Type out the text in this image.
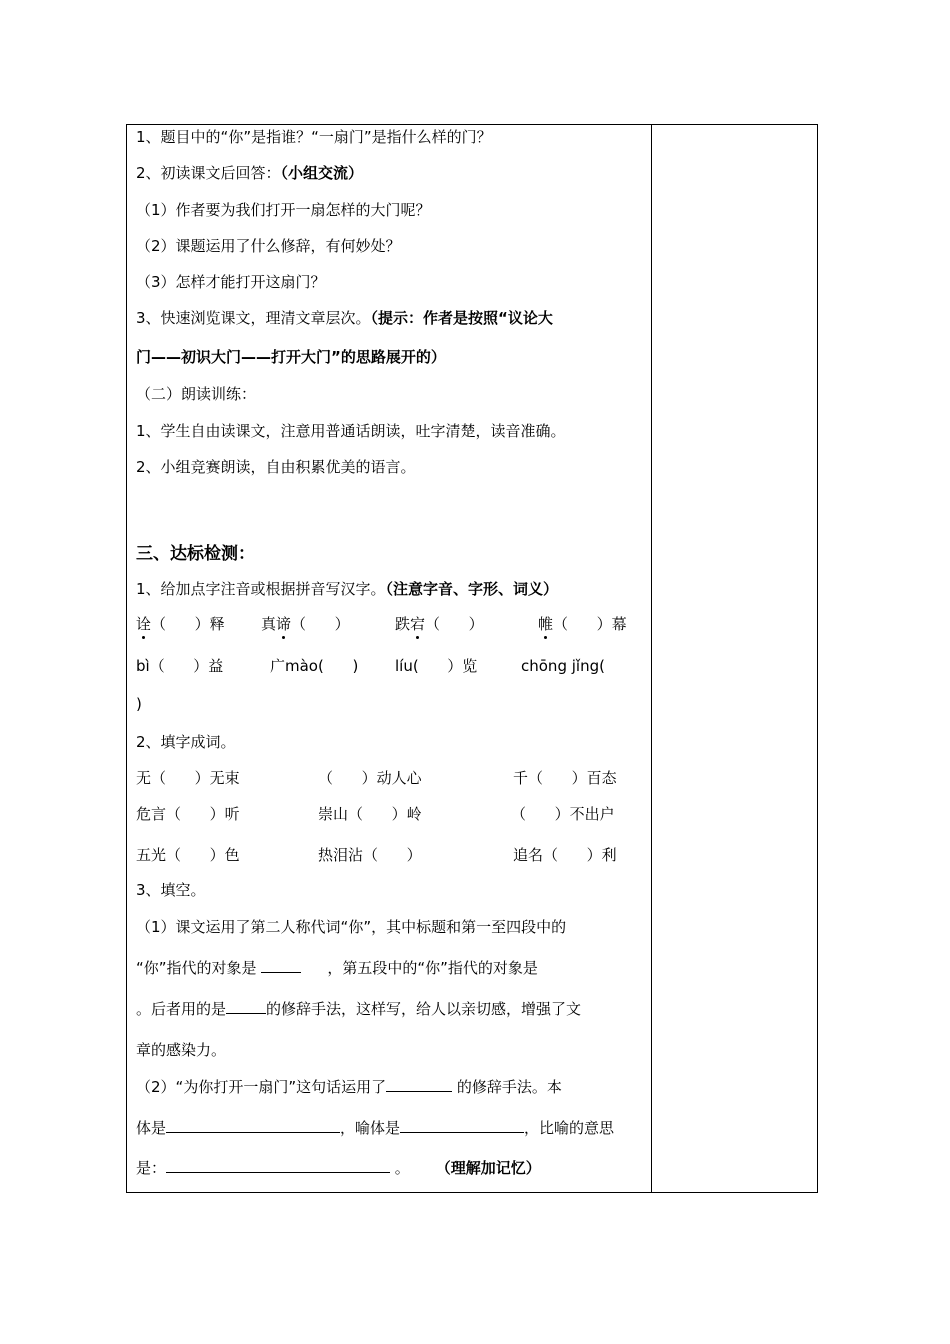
1、题目中的“你”是指谁？“一扇门”是指什么样的门？
2、初读课文后回答：（小组交流）
（1）作者要为我们打开一扇怎样的大门呢？
（2）课题运用了什么修辞，有何妙处？
（3）怎样才能打开这扇门？
3、快速浏览课文，理清文章层次。（提示：作者是按照“议论大
门——初识大门——打开大门”的思路展开的）
（二）朗读训练：
1、学生自由读课文，注意用普通话朗读，吐字清楚，读音准确。
2、小组竞赛朗读，自由积累优美的语言。
三、达标检测：
1、给加点字注音或根据拼音写汉字。（注意字音、字形、词义）
诠（      ）释 真谛（      ）	跌宕（      ）	帷（      ）幕
bì（      ）益	广mào(      ) líu(      ）览	chōng jǐng(
)
2、填字成词。
无（      ）无束	（      ）动人心	千（      ）百态
危言（      ）听	崇山（      ）岭	（      ）不出户
五光（      ）色	热泪沾（      ）	追名（      ）利
3、填空。
（1）课文运用了第二人称代词“你”，其中标题和第一至四段中的
“你”指代的对象是	，第五段中的“你”指代的对象是
。后者用的是	的修辞手法，这样写，给人以亲切感，增强了文
章的感染力。
（2）“为你打开一扇门”这句话运用了	的修辞手法。本
体是	，喻体是	，比喻的意思
是：	。 （理解加记忆）
